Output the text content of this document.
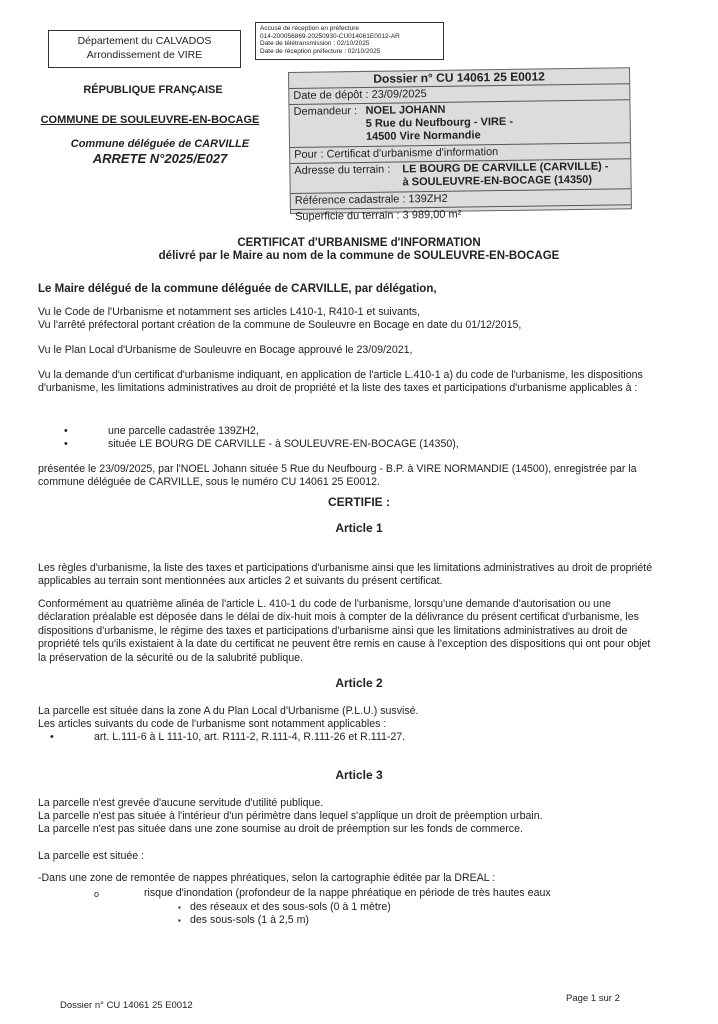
Département du CALVADOS
Arrondissement de VIRE
Accusé de réception en préfecture
014-200056869-20250930-CU014061E0012-AR
Date de télétransmission : 02/10/2025
Date de réception préfecture : 02/10/2025
RÉPUBLIQUE FRANÇAISE
COMMUNE DE SOULEUVRE-EN-BOCAGE
Commune déléguée de CARVILLE
ARRETE N°2025/E027
Dossier n° CU 14061 25 E0012
Date de dépôt : 23/09/2025
Demandeur : NOEL JOHANN
5 Rue du Neufbourg - VIRE -
14500 Vire Normandie
Pour : Certificat d'urbanisme d'information
Adresse du terrain : LE BOURG DE CARVILLE (CARVILLE) -
à SOULEUVRE-EN-BOCAGE (14350)
Référence cadastrale : 139ZH2
Superficie du terrain : 3 989,00 m²
CERTIFICAT d'URBANISME d'INFORMATION
délivré par le Maire au nom de la commune de SOULEUVRE-EN-BOCAGE
Le Maire délégué de la commune déléguée de CARVILLE, par délégation,
Vu le Code de l'Urbanisme et notamment ses articles L410-1, R410-1 et suivants,
Vu l'arrêté préfectoral portant création de la commune de Souleuvre en Bocage en date du 01/12/2015,
Vu le Plan Local d'Urbanisme de Souleuvre en Bocage approuvé le 23/09/2021,
Vu la demande d'un certificat d'urbanisme indiquant, en application de l'article L.410-1 a) du code de l'urbanisme, les dispositions d'urbanisme, les limitations administratives au droit de propriété et la liste des taxes et participations d'urbanisme applicables à :
• une parcelle cadastrée 139ZH2,
• située LE BOURG DE CARVILLE - à SOULEUVRE-EN-BOCAGE (14350),
présentée le 23/09/2025, par l'NOEL Johann située 5 Rue du Neufbourg - B.P. à VIRE NORMANDIE (14500), enregistrée par la commune déléguée de CARVILLE, sous le numéro CU 14061 25 E0012.
CERTIFIE :
Article 1
Les règles d'urbanisme, la liste des taxes et participations d'urbanisme ainsi que les limitations administratives au droit de propriété applicables au terrain sont mentionnées aux articles 2 et suivants du présent certificat.
Conformément au quatrième alinéa de l'article L. 410-1 du code de l'urbanisme, lorsqu'une demande d'autorisation ou une déclaration préalable est déposée dans le délai de dix-huit mois à compter de la délivrance du présent certificat d'urbanisme, les dispositions d'urbanisme, le régime des taxes et participations d'urbanisme ainsi que les limitations administratives au droit de propriété tels qu'ils existaient à la date du certificat ne peuvent être remis en cause à l'exception des dispositions qui ont pour objet la préservation de la sécurité ou de la salubrité publique.
Article 2
La parcelle est située dans la zone A du Plan Local d'Urbanisme (P.L.U.) susvisé.
Les articles suivants du code de l'urbanisme sont notamment applicables :
• art. L.111-6 à L 111-10, art. R111-2, R.111-4, R.111-26 et R.111-27.
Article 3
La parcelle n'est grevée d'aucune servitude d'utilité publique.
La parcelle n'est pas située à l'intérieur d'un périmètre dans lequel s'applique un droit de préemption urbain.
La parcelle n'est pas située dans une zone soumise au droit de préemption sur les fonds de commerce.
La parcelle est située :
-Dans une zone de remontée de nappes phréatiques, selon la cartographie éditée par la DREAL :
o risque d'inondation (profondeur de la nappe phréatique en période de très hautes eaux
▪ des réseaux et des sous-sols (0 à 1 mètre)
▪ des sous-sols (1 à 2,5 m)
Dossier n° CU 14061 25 E0012
Page 1 sur 2
